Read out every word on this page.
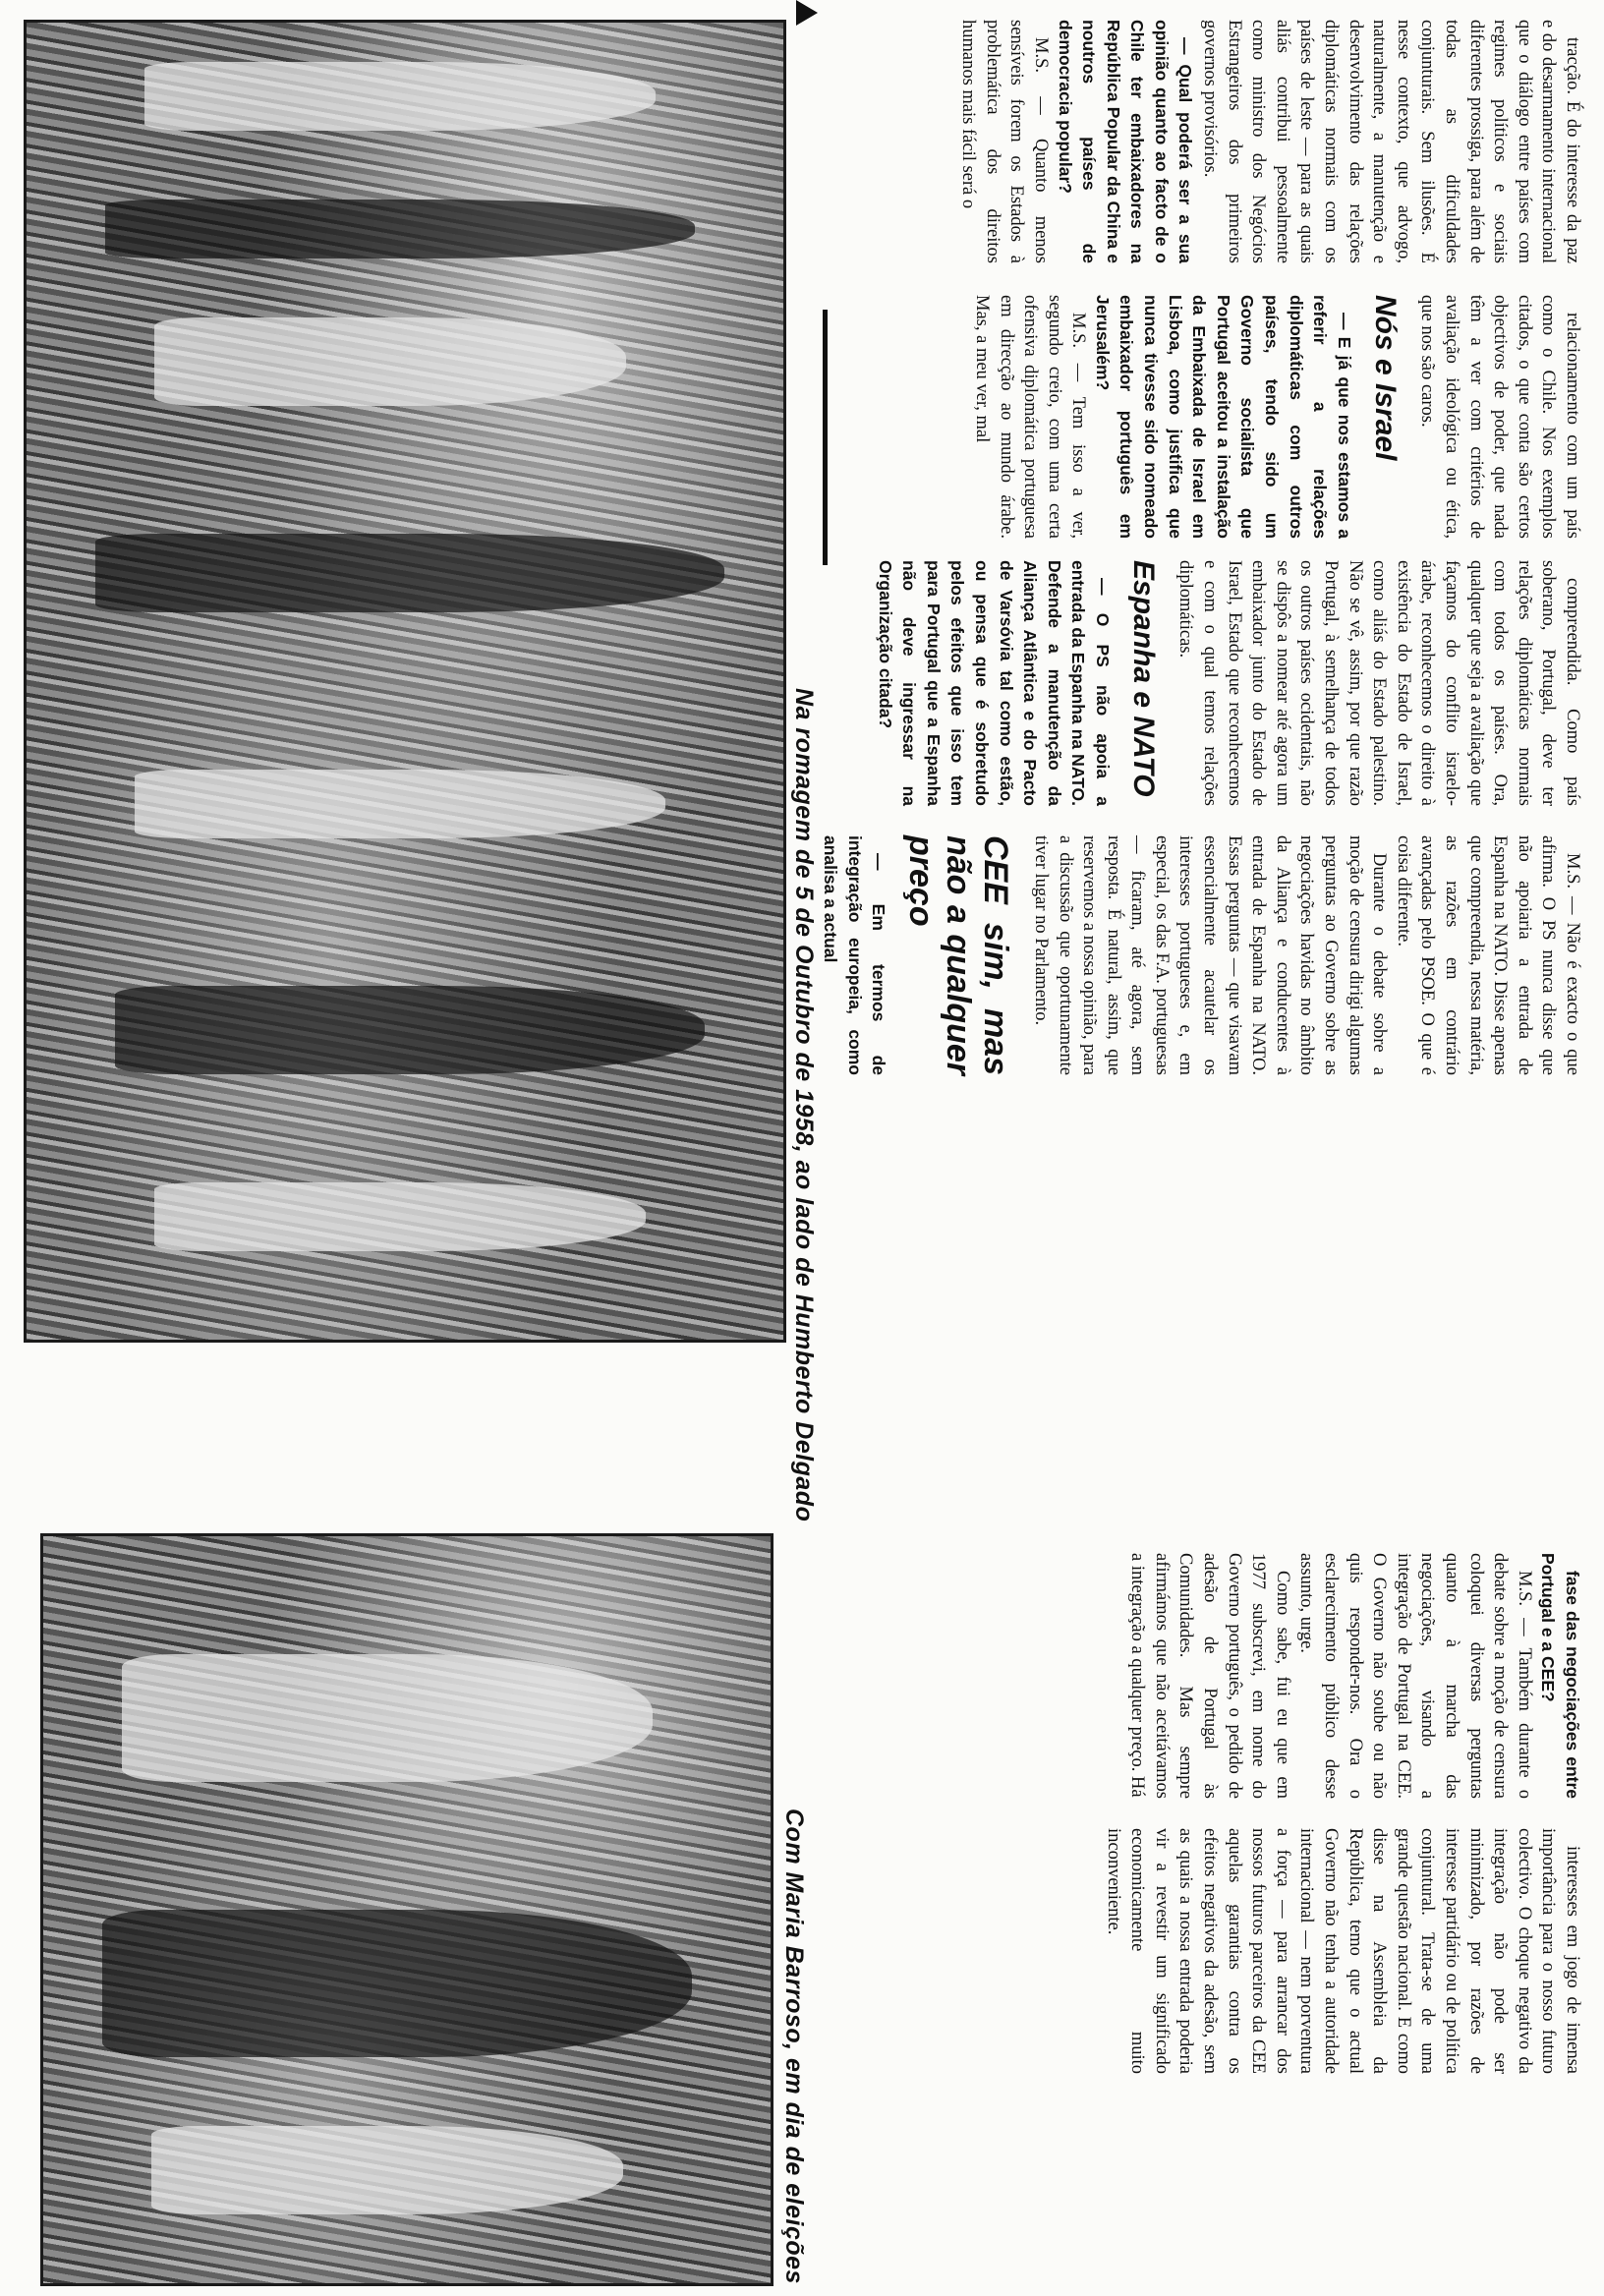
Na romagem de 5 de Outubro de 1958, ao lado de Humberto Delgado
Com Maria Barroso, em dia de eleições

tracção. É do interesse da paz e do desarmamento internacional que o diálogo entre países com regimes políticos e sociais diferentes prossiga, para além de todas as dificuldades conjunturais. Sem ilusões. É nesse contexto, que advogo, naturalmente, a manutenção e desenvolvimento das relações diplomáticas normais com os países de leste — para as quais aliás contribui pessoalmente como ministro dos Negócios Estrangeiros dos primeiros governos provisórios.

— Qual poderá ser a sua opinião quanto ao facto de o Chile ter embaixadores na República Popular da China e noutros países de democracia popular?

M.S. — Quanto menos sensíveis forem os Estados à problemática dos direitos humanos mais fácil será o

relacionamento com um país como o Chile. Nos exemplos citados, o que conta são certos objectivos de poder, que nada têm a ver com critérios de avaliação ideológica ou ética, que nos são caros.

Nós e Israel

— E já que nos estamos a referir a relações diplomáticas com outros países, tendo sido um Governo socialista que Portugal aceitou a instalação da Embaixada de Israel em Lisboa, como justifica que nunca tivesse sido nomeado embaixador português em Jerusalém?

M.S. — Tem isso a ver, segundo creio, com uma certa ofensiva diplomática portuguesa em direcção ao mundo árabe. Mas, a meu ver, mal

compreendida. Como país soberano, Portugal, deve ter relações diplomáticas normais com todos os países. Ora, qualquer que seja a avaliação que façamos do conflito israelo-árabe, reconhecemos o direito à existência do Estado de Israel, como aliás do Estado palestino. Não se vê, assim, por que razão Portugal, à semelhança de todos os outros países ocidentais, não se dispôs a nomear até agora um embaixador junto do Estado de Israel, Estado que reconhecemos e com o qual temos relações diplomáticas.

Espanha e NATO

— O PS não apoia a entrada da Espanha na NATO. Defende a manutenção da Aliança Atlântica e do Pacto de Varsóvia tal como estão, ou pensa que é sobretudo pelos efeitos que isso tem para Portugal que a Espanha não deve ingressar na Organização citada?

M.S. — Não é exacto o que afirma. O PS nunca disse que não apoiaria a entrada de Espanha na NATO. Disse apenas que compreendia, nessa matéria, as razões em contrário avançadas pelo PSOE. O que é coisa diferente.

Durante o debate sobre a moção de censura dirigi algumas perguntas ao Governo sobre as negociações havidas no âmbito da Aliança e conducentes à entrada de Espanha na NATO. Essas perguntas — que visavam essencialmente acautelar os interesses portugueses e, em especial, os das F.A. portuguesas — ficaram, até agora, sem resposta. É natural, assim, que reservemos a nossa opinião, para a discussão que oportunamente tiver lugar no Parlamento.

CEE sim, mas não a qualquer preço

— Em termos de integração europeia, como analisa a actual

fase das negociações entre Portugal e a CEE?

M.S. — Também durante o debate sobre a moção de censura coloquei diversas perguntas quanto à marcha das negociações, visando a integração de Portugal na CEE. O Governo não soube ou não quis responder-nos. Ora o esclarecimento público desse assunto, urge.

Como sabe, fui eu que em 1977 subscrevi, em nome do Governo português, o pedido de adesão de Portugal às Comunidades. Mas sempre afirmámos que não aceitávamos a integração a qualquer preço. Há

interesses em jogo de imensa importância para o nosso futuro colectivo. O choque negativo da integração não pode ser minimizado, por razões de interesse partidário ou de política conjuntural. Trata-se de uma grande questão nacional. E como disse na Assembleia da República, temo que o actual Governo não tenha a autoridade internacional — nem porventura a força — para arrancar dos nossos futuros parceiros da CEE aquelas garantias contra os efeitos negativos da adesão, sem as quais a nossa entrada poderia vir a revestir um significado economicamente muito inconveniente.
